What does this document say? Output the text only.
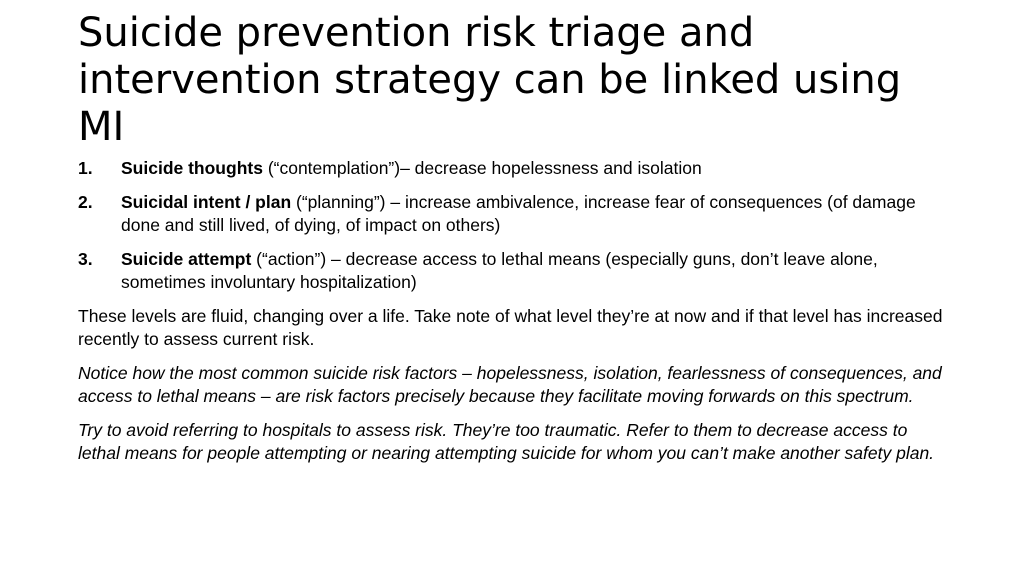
Suicide prevention risk triage and intervention strategy can be linked using MI
1. Suicide thoughts (“contemplation”)– decrease hopelessness and isolation
2. Suicidal intent / plan (“planning”) – increase ambivalence, increase fear of consequences (of damage done and still lived, of dying, of impact on others)
3. Suicide attempt (“action”) – decrease access to lethal means (especially guns, don’t leave alone, sometimes involuntary hospitalization)

These levels are fluid, changing over a life. Take note of what level they’re at now and if that level has increased recently to assess current risk.

Notice how the most common suicide risk factors – hopelessness, isolation, fearlessness of consequences, and access to lethal means – are risk factors precisely because they facilitate moving forwards on this spectrum.

Try to avoid referring to hospitals to assess risk. They’re too traumatic. Refer to them to decrease access to lethal means for people attempting or nearing attempting suicide for whom you can’t make another safety plan.
